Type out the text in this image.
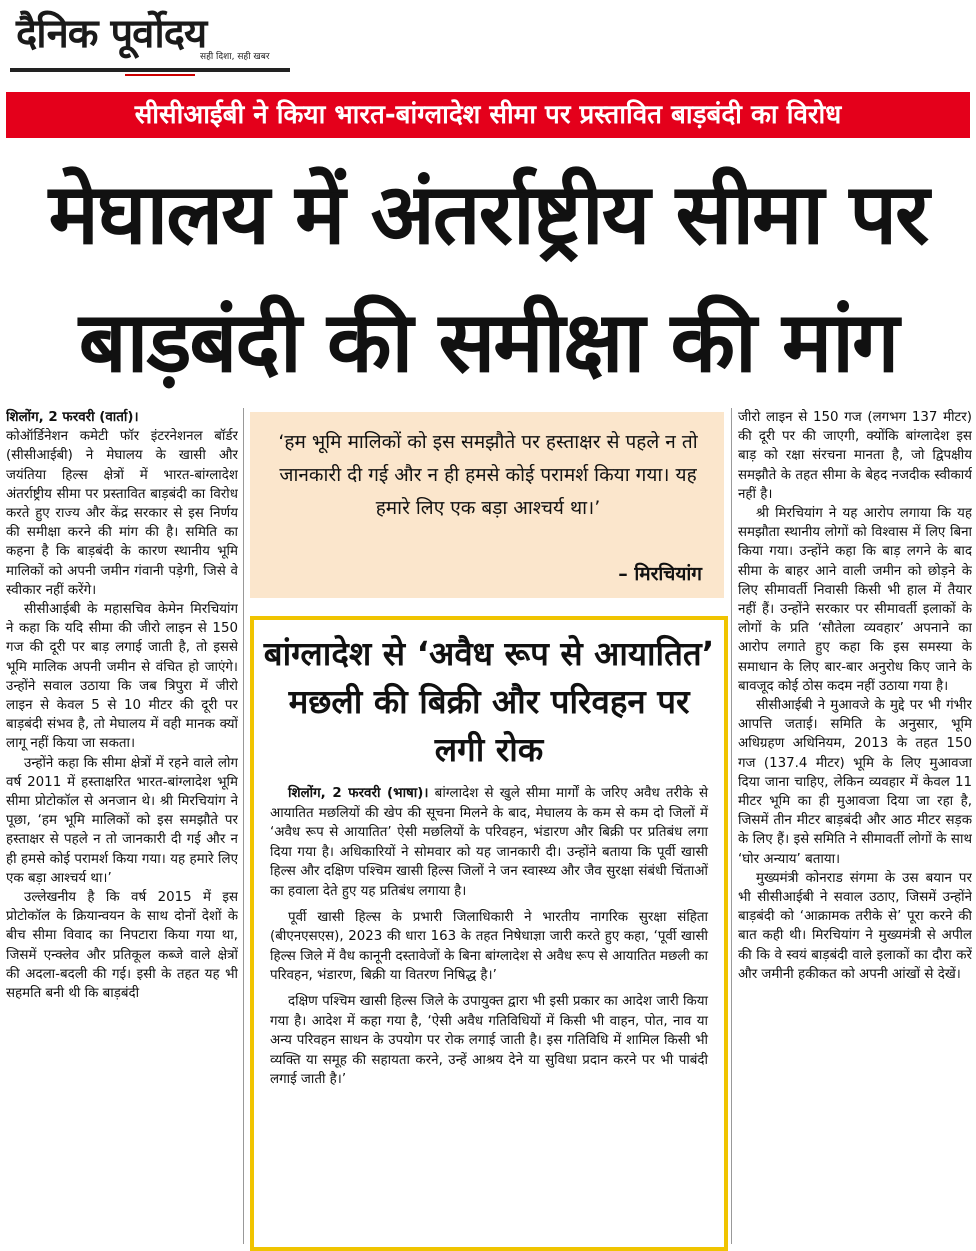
दैनिक पूर्वोदय
सही दिशा, सही खबर
सीसीआईबी ने किया भारत-बांग्लादेश सीमा पर प्रस्तावित बाड़बंदी का विरोध
मेघालय में अंतर्राष्ट्रीय सीमा पर
बाड़बंदी की समीक्षा की मांग

शिलोंग, 2 फरवरी (वार्ता)।

कोऑर्डिनेशन कमेटी फॉर इंटरनेशनल बॉर्डर (सीसीआईबी) ने मेघालय के खासी और जयंतिया हिल्स क्षेत्रों में भारत-बांग्लादेश अंतर्राष्ट्रीय सीमा पर प्रस्तावित बाड़बंदी का विरोध करते हुए राज्य और केंद्र सरकार से इस निर्णय की समीक्षा करने की मांग की है। समिति का कहना है कि बाड़बंदी के कारण स्थानीय भूमि मालिकों को अपनी जमीन गंवानी पड़ेगी, जिसे वे स्वीकार नहीं करेंगे।

सीसीआईबी के महासचिव केमेन मिरचियांग ने कहा कि यदि सीमा की जीरो लाइन से 150 गज की दूरी पर बाड़ लगाई जाती है, तो इससे भूमि मालिक अपनी जमीन से वंचित हो जाएंगे। उन्होंने सवाल उठाया कि जब त्रिपुरा में जीरो लाइन से केवल 5 से 10 मीटर की दूरी पर बाड़बंदी संभव है, तो मेघालय में वही मानक क्यों लागू नहीं किया जा सकता।

उन्होंने कहा कि सीमा क्षेत्रों में रहने वाले लोग वर्ष 2011 में हस्ताक्षरित भारत-बांग्लादेश भूमि सीमा प्रोटोकॉल से अनजान थे। श्री मिरचियांग ने पूछा, ‘हम भूमि मालिकों को इस समझौते पर हस्ताक्षर से पहले न तो जानकारी दी गई और न ही हमसे कोई परामर्श किया गया। यह हमारे लिए एक बड़ा आश्चर्य था।’

उल्लेखनीय है कि वर्ष 2015 में इस प्रोटोकॉल के क्रियान्वयन के साथ दोनों देशों के बीच सीमा विवाद का निपटारा किया गया था, जिसमें एन्क्लेव और प्रतिकूल कब्जे वाले क्षेत्रों की अदला-बदली की गई। इसी के तहत यह भी सहमति बनी थी कि बाड़बंदी

‘हम भूमि मालिकों को इस समझौते पर हस्ताक्षर से पहले न तो जानकारी दी गई और न ही हमसे कोई परामर्श किया गया। यह हमारे लिए एक बड़ा आश्चर्य था।’
– मिरचियांग
बांग्लादेश से ‘अवैध रूप से आयातित’ मछली की बिक्री और परिवहन पर लगी रोक

शिलोंग, 2 फरवरी (भाषा)। बांग्लादेश से खुले सीमा मार्गों के जरिए अवैध तरीके से आयातित मछलियों की खेप की सूचना मिलने के बाद, मेघालय के कम से कम दो जिलों में ‘अवैध रूप से आयातित’ ऐसी मछलियों के परिवहन, भंडारण और बिक्री पर प्रतिबंध लगा दिया गया है। अधिकारियों ने सोमवार को यह जानकारी दी। उन्होंने बताया कि पूर्वी खासी हिल्स और दक्षिण पश्चिम खासी हिल्स जिलों ने जन स्वास्थ्य और जैव सुरक्षा संबंधी चिंताओं का हवाला देते हुए यह प्रतिबंध लगाया है।

पूर्वी खासी हिल्स के प्रभारी जिलाधिकारी ने भारतीय नागरिक सुरक्षा संहिता (बीएनएसएस), 2023 की धारा 163 के तहत निषेधाज्ञा जारी करते हुए कहा, ‘पूर्वी खासी हिल्स जिले में वैध कानूनी दस्तावेजों के बिना बांग्लादेश से अवैध रूप से आयातित मछली का परिवहन, भंडारण, बिक्री या वितरण निषिद्ध है।’

दक्षिण पश्चिम खासी हिल्स जिले के उपायुक्त द्वारा भी इसी प्रकार का आदेश जारी किया गया है। आदेश में कहा गया है, ‘ऐसी अवैध गतिविधियों में किसी भी वाहन, पोत, नाव या अन्य परिवहन साधन के उपयोग पर रोक लगाई जाती है। इस गतिविधि में शामिल किसी भी व्यक्ति या समूह की सहायता करने, उन्हें आश्रय देने या सुविधा प्रदान करने पर भी पाबंदी लगाई जाती है।’

जीरो लाइन से 150 गज (लगभग 137 मीटर) की दूरी पर की जाएगी, क्योंकि बांग्लादेश इस बाड़ को रक्षा संरचना मानता है, जो द्विपक्षीय समझौते के तहत सीमा के बेहद नजदीक स्वीकार्य नहीं है।

श्री मिरचियांग ने यह आरोप लगाया कि यह समझौता स्थानीय लोगों को विश्वास में लिए बिना किया गया। उन्होंने कहा कि बाड़ लगने के बाद सीमा के बाहर आने वाली जमीन को छोड़ने के लिए सीमावर्ती निवासी किसी भी हाल में तैयार नहीं हैं। उन्होंने सरकार पर सीमावर्ती इलाकों के लोगों के प्रति ‘सौतेला व्यवहार’ अपनाने का आरोप लगाते हुए कहा कि इस समस्या के समाधान के लिए बार-बार अनुरोध किए जाने के बावजूद कोई ठोस कदम नहीं उठाया गया है।

सीसीआईबी ने मुआवजे के मुद्दे पर भी गंभीर आपत्ति जताई। समिति के अनुसार, भूमि अधिग्रहण अधिनियम, 2013 के तहत 150 गज (137.4 मीटर) भूमि के लिए मुआवजा दिया जाना चाहिए, लेकिन व्यवहार में केवल 11 मीटर भूमि का ही मुआवजा दिया जा रहा है, जिसमें तीन मीटर बाड़बंदी और आठ मीटर सड़क के लिए हैं। इसे समिति ने सीमावर्ती लोगों के साथ ‘घोर अन्याय’ बताया।

मुख्यमंत्री कोनराड संगमा के उस बयान पर भी सीसीआईबी ने सवाल उठाए, जिसमें उन्होंने बाड़बंदी को ‘आक्रामक तरीके से’ पूरा करने की बात कही थी। मिरचियांग ने मुख्यमंत्री से अपील की कि वे स्वयं बाड़बंदी वाले इलाकों का दौरा करें और जमीनी हकीकत को अपनी आंखों से देखें।
